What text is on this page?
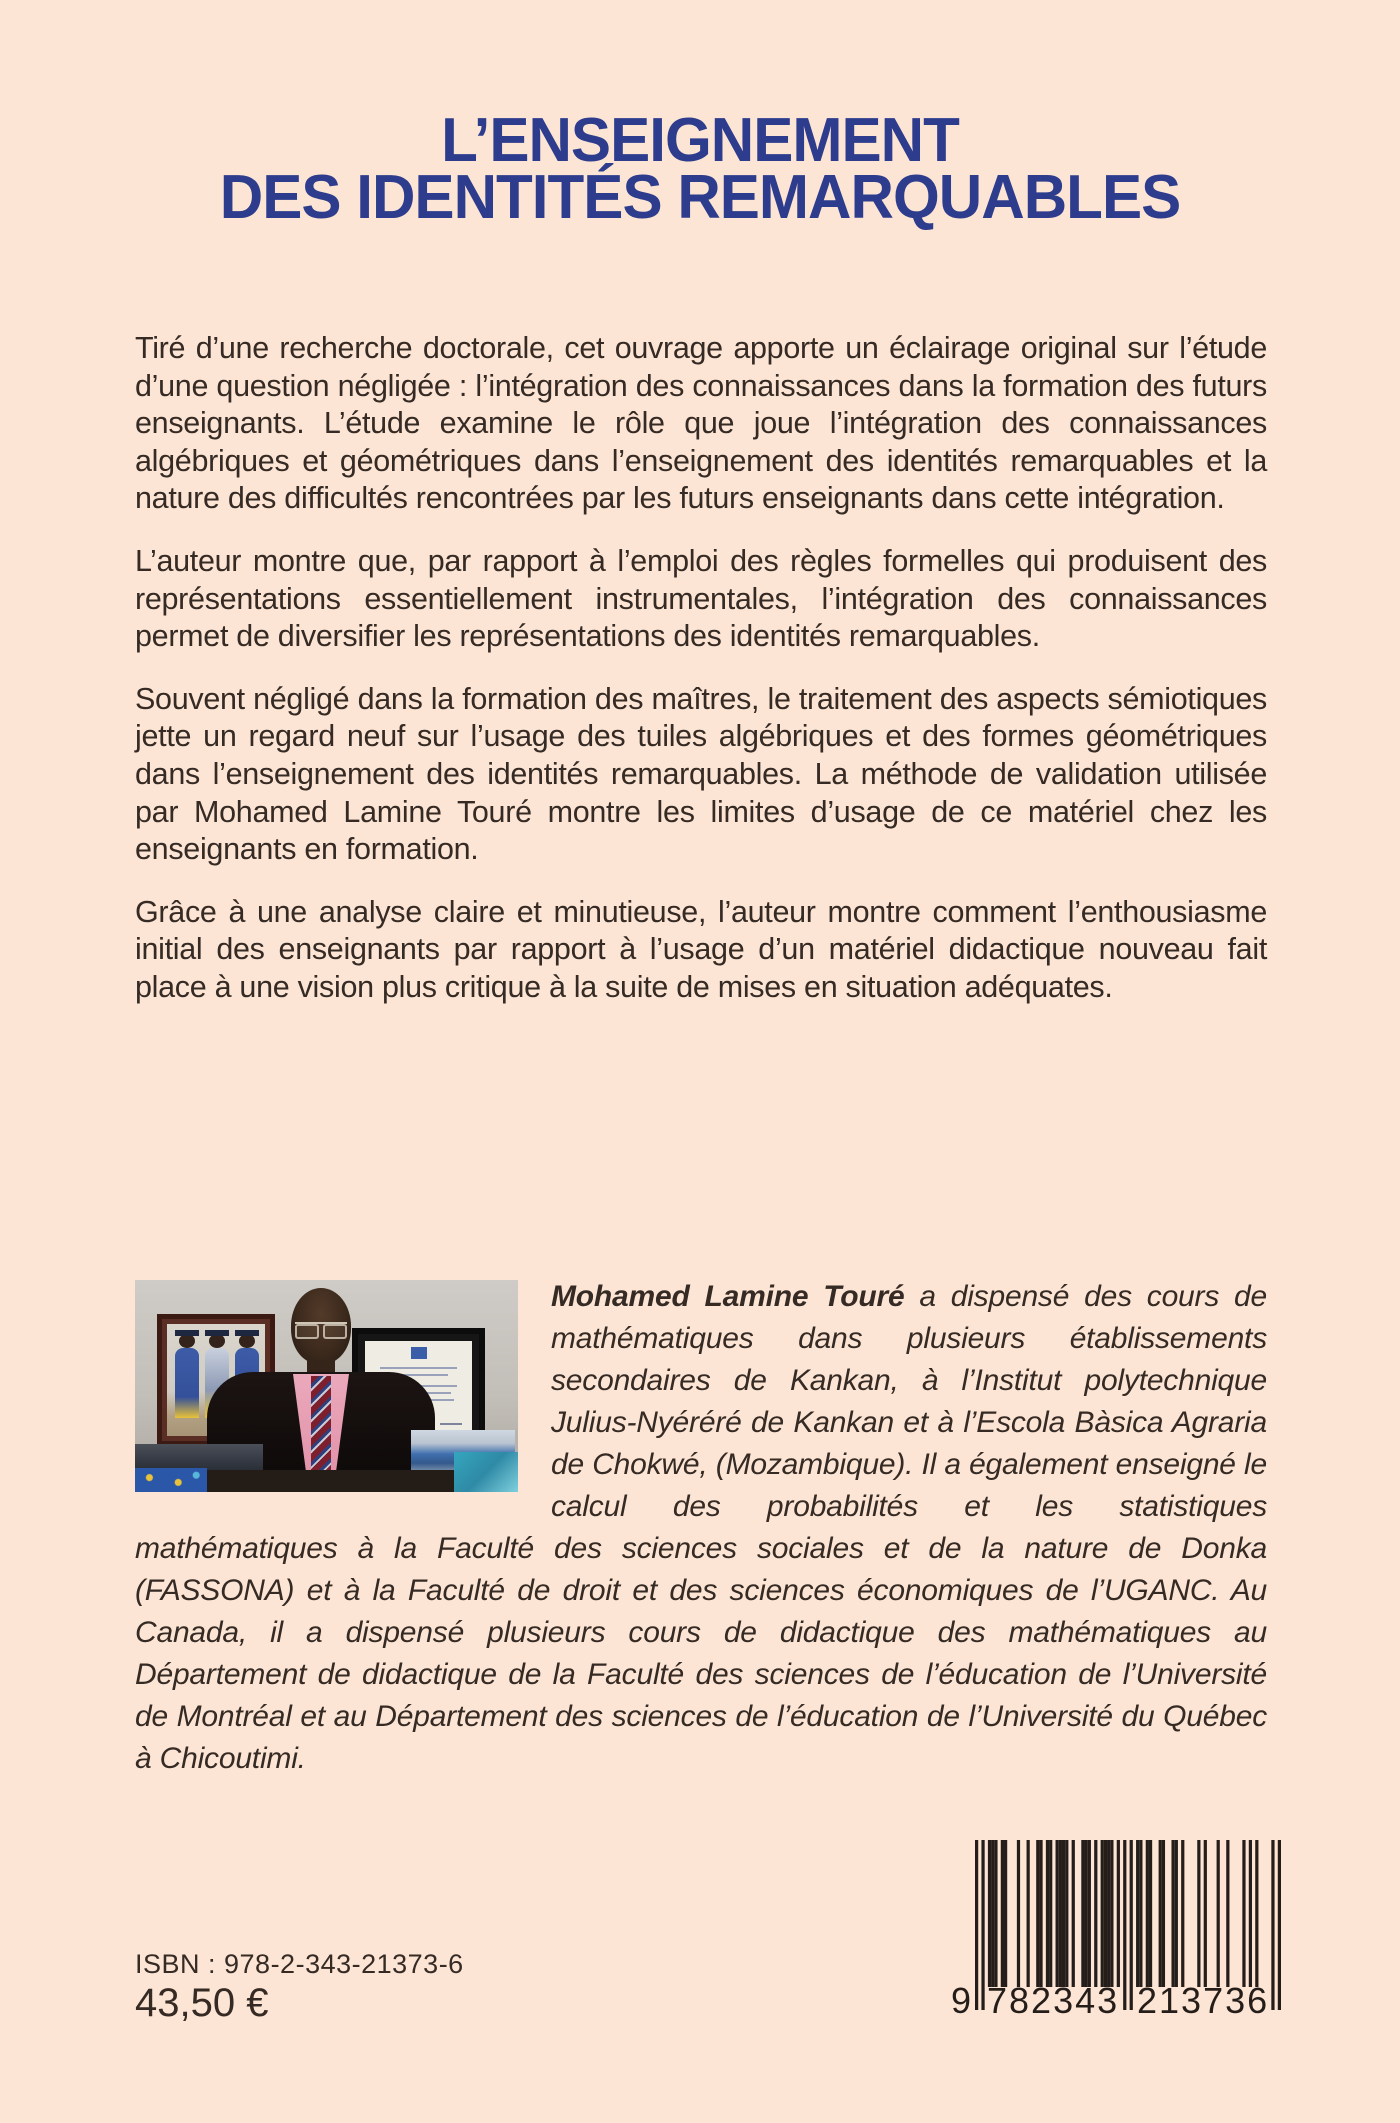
L’ENSEIGNEMENT
DES IDENTITÉS REMARQUABLES

Tiré d’une recherche doctorale, cet ouvrage apporte un éclairage original sur l’étude d’une question négligée : l’intégration des connaissances dans la formation des futurs enseignants. L’étude examine le rôle que joue l’intégration des connaissances algébriques et géométriques dans l’enseignement des identités remarquables et la nature des difficultés rencontrées par les futurs enseignants dans cette intégration.

L’auteur montre que, par rapport à l’emploi des règles formelles qui produisent des représentations essentiellement instrumentales, l’intégration des connaissances permet de diversifier les représentations des identités remarquables.

Souvent négligé dans la formation des maîtres, le traitement des aspects sémiotiques jette un regard neuf sur l’usage des tuiles algébriques et des formes géométriques dans l’enseignement des identités remarquables. La méthode de validation utilisée par Mohamed Lamine Touré montre les limites d’usage de ce matériel chez les enseignants en formation.

Grâce à une analyse claire et minutieuse, l’auteur montre comment l’enthousiasme initial des enseignants par rapport à l’usage d’un matériel didactique nouveau fait place à une vision plus critique à la suite de mises en situation adéquates.

Mohamed Lamine Touré a dispensé des cours de mathématiques dans plusieurs établissements secondaires de Kankan, à l’Institut polytechnique Julius-Nyéréré de Kankan et à l’Escola Bàsica Agraria de Chokwé, (Mozambique). Il a également enseigné le calcul des probabilités et les statistiques mathématiques à la Faculté des sciences sociales et de la nature de Donka (FASSONA) et à la Faculté de droit et des sciences économiques de l’UGANC. Au Canada, il a dispensé plusieurs cours de didactique des mathématiques au Département de didactique de la Faculté des sciences de l’éducation de l’Université de Montréal et au Département des sciences de l’éducation de l’Université du Québec à Chicoutimi.

ISBN : 978-2-343-21373-6
43,50 €	9 782343 213736
